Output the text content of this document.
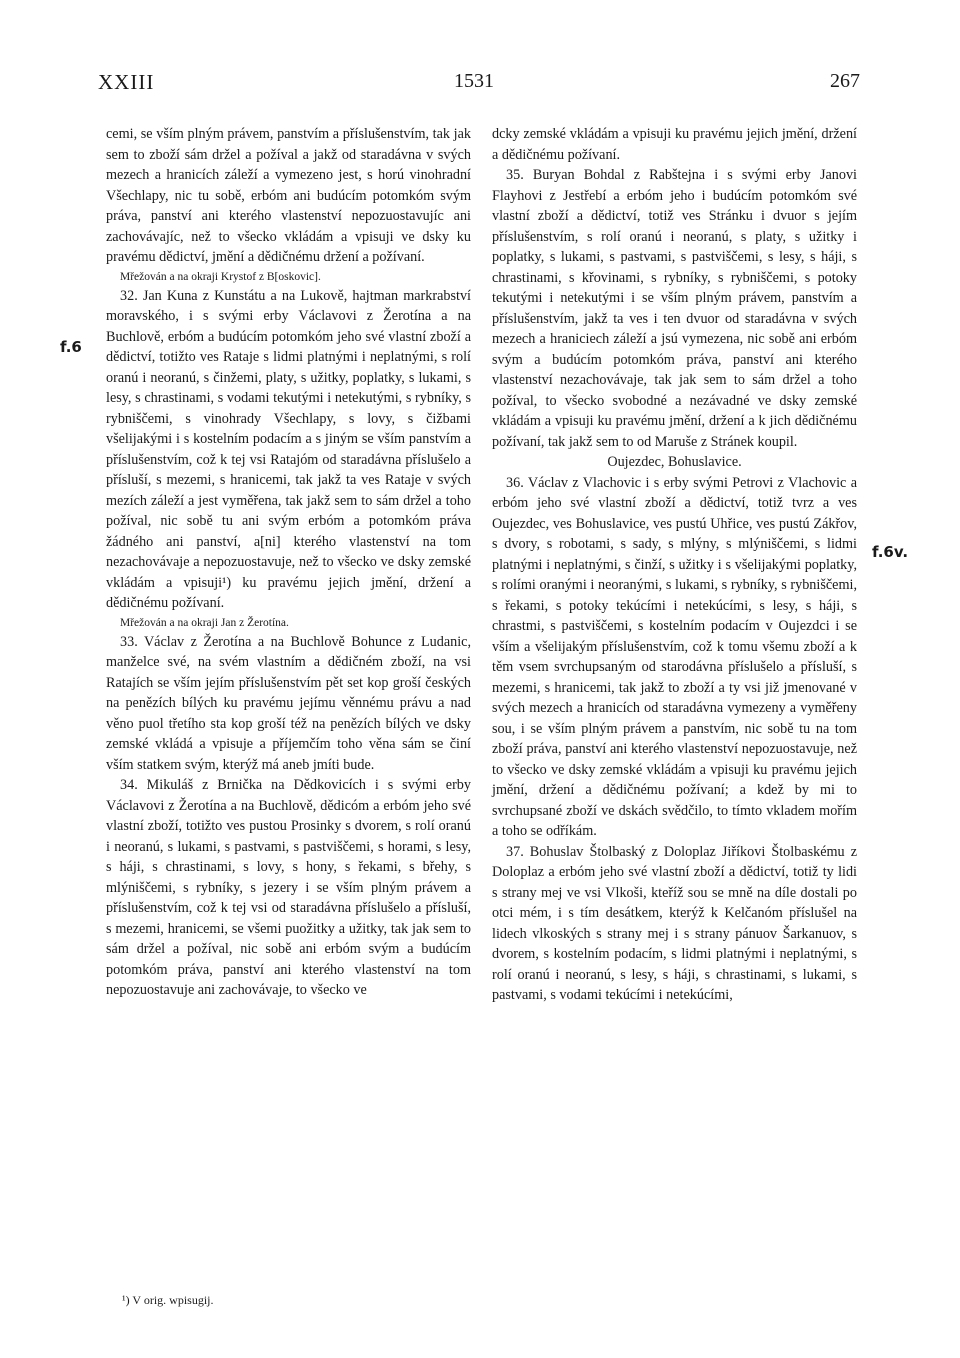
XXIII	1531	267
f.6
f.6v.

cemi, se vším plným právem, panstvím a příslušenstvím, tak jak sem to zboží sám držel a požíval a jakž od staradávna v svých mezech a hranicích záleží a vymezeno jest, s horú vinohradní Všechlapy, nic tu sobě, erbóm ani budúcím potomkóm svým práva, panství ani kterého vlastenství nepozuostavujíc ani zachovávajíc, než to všecko vkládám a vpisuji ve dsky ku pravému dědictví, jmění a dědičnému držení a požívaní.

Mřežován a na okraji Krystof z B[oskovic].

32. Jan Kuna z Kunstátu a na Lukově, hajtman markrabství moravského, i s svými erby Václavovi z Žerotína a na Buchlově, erbóm a budúcím potomkóm jeho své vlastní zboží a dědictví, totižto ves Rataje s lidmi platnými i neplatnými, s rolí oranú i neoranú, s činžemi, platy, s užitky, poplatky, s lukami, s lesy, s chrastinami, s vodami tekutými i netekutými, s rybníky, s rybniščemi, s vinohrady Všechlapy, s lovy, s čižbami všelijakými i s kostelním podacím a s jiným se vším panstvím a příslušenstvím, což k tej vsi Ratajóm od staradávna příslušelo a přísluší, s mezemi, s hranicemi, tak jakž ta ves Rataje v svých mezích záleží a jest vyměřena, tak jakž sem to sám držel a toho požíval, nic sobě tu ani svým erbóm a potomkóm práva žádného ani panství, a[ni] kterého vlastenství na tom nezachovávaje a nepozuostavuje, než to všecko ve dsky zemské vkládám a vpisuji¹) ku pravému jejich jmění, držení a dědičnému požívaní.

Mřežován a na okraji Jan z Žerotína.

33. Václav z Žerotína a na Buchlově Bohunce z Ludanic, manželce své, na svém vlastním a dědičném zboží, na vsi Ratajích se vším jejím příslušenstvím pět set kop groší českých na penězích bílých ku pravému jejímu věnnému právu a nad věno puol třetího sta kop groší též na penězích bílých ve dsky zemské vkládá a vpisuje a příjemčím toho věna sám se činí vším statkem svým, kterýž má aneb jmíti bude.

34. Mikuláš z Brnička na Dědkovicích i s svými erby Václavovi z Žerotína a na Buchlově, dědicóm a erbóm jeho své vlastní zboží, totižto ves pustou Prosinky s dvorem, s rolí oranú i neoranú, s lukami, s pastvami, s pastviščemi, s horami, s lesy, s háji, s chrastinami, s lovy, s hony, s řekami, s břehy, s mlýniščemi, s rybníky, s jezery i se vším plným právem a příslušenstvím, což k tej vsi od staradávna příslušelo a přísluší, s mezemi, hranicemi, se všemi puožitky a užitky, tak jak sem to sám držel a požíval, nic sobě ani erbóm svým a budúcím potomkóm práva, panství ani kterého vlastenství na tom nepozuostavuje ani zachovávaje, to všecko ve

dcky zemské vkládám a vpisuji ku pravému jejich jmění, držení a dědičnému požívaní.

35. Buryan Bohdal z Rabštejna i s svými erby Janovi Flayhovi z Jestřebí a erbóm jeho i budúcím potomkóm své vlastní zboží a dědictví, totiž ves Stránku i dvuor s jejím příslušenstvím, s rolí oranú i neoranú, s platy, s užitky i poplatky, s lukami, s pastvami, s pastviščemi, s lesy, s háji, s chrastinami, s křovinami, s rybníky, s rybniščemi, s potoky tekutými i netekutými i se vším plným právem, panstvím a příslušenstvím, jakž ta ves i ten dvuor od staradávna v svých mezech a hraniciech záleží a jsú vymezena, nic sobě ani erbóm svým a budúcím potomkóm práva, panství ani kterého vlastenství nezachovávaje, tak jak sem to sám držel a toho požíval, to všecko svobodné a nezávadné ve dsky zemské vkládám a vpisuji ku pravému jmění, držení a k jich dědičnému požívaní, tak jakž sem to od Maruše z Stránek koupil.

Oujezdec, Bohuslavice.

36. Václav z Vlachovic i s erby svými Petrovi z Vlachovic a erbóm jeho své vlastní zboží a dědictví, totiž tvrz a ves Oujezdec, ves Bohuslavice, ves pustú Uhřice, ves pustú Zákřov, s dvory, s robotami, s sady, s mlýny, s mlýniščemi, s lidmi platnými i neplatnými, s činží, s užitky i s všelijakými poplatky, s rolími oranými i neoranými, s lukami, s rybníky, s rybniščemi, s řekami, s potoky tekúcími i netekúcími, s lesy, s háji, s chrastmi, s pastviščemi, s kostelním podacím v Oujezdci i se vším a všelijakým příslušenstvím, což k tomu všemu zboží a k těm vsem svrchupsaným od starodávna příslušelo a přísluší, s mezemi, s hranicemi, tak jakž to zboží a ty vsi již jmenované v svých mezech a hranicích od staradávna vymezeny a vyměřeny sou, i se vším plným právem a panstvím, nic sobě tu na tom zboží práva, panství ani kterého vlastenství nepozuostavuje, než to všecko ve dsky zemské vkládám a vpisuji ku pravému jejich jmění, držení a dědičnému požívaní; a kdež by mi to svrchupsané zboží ve dskách svědčilo, to tímto vkladem mořím a toho se odříkám.

37. Bohuslav Štolbaský z Doloplaz Jiříkovi Štolbaskému z Doloplaz a erbóm jeho své vlastní zboží a dědictví, totiž ty lidi s strany mej ve vsi Vlkoši, kteříž sou se mně na díle dostali po otci mém, i s tím desátkem, kterýž k Kelčanóm příslušel na lidech vlkoských s strany mej i s strany pánuov Šarkanuov, s dvorem, s kostelním podacím, s lidmi platnými i neplatnými, s rolí oranú i neoranú, s lesy, s háji, s chrastinami, s lukami, s pastvami, s vodami tekúcími i netekúcími,

¹) V orig. wpisugij.
